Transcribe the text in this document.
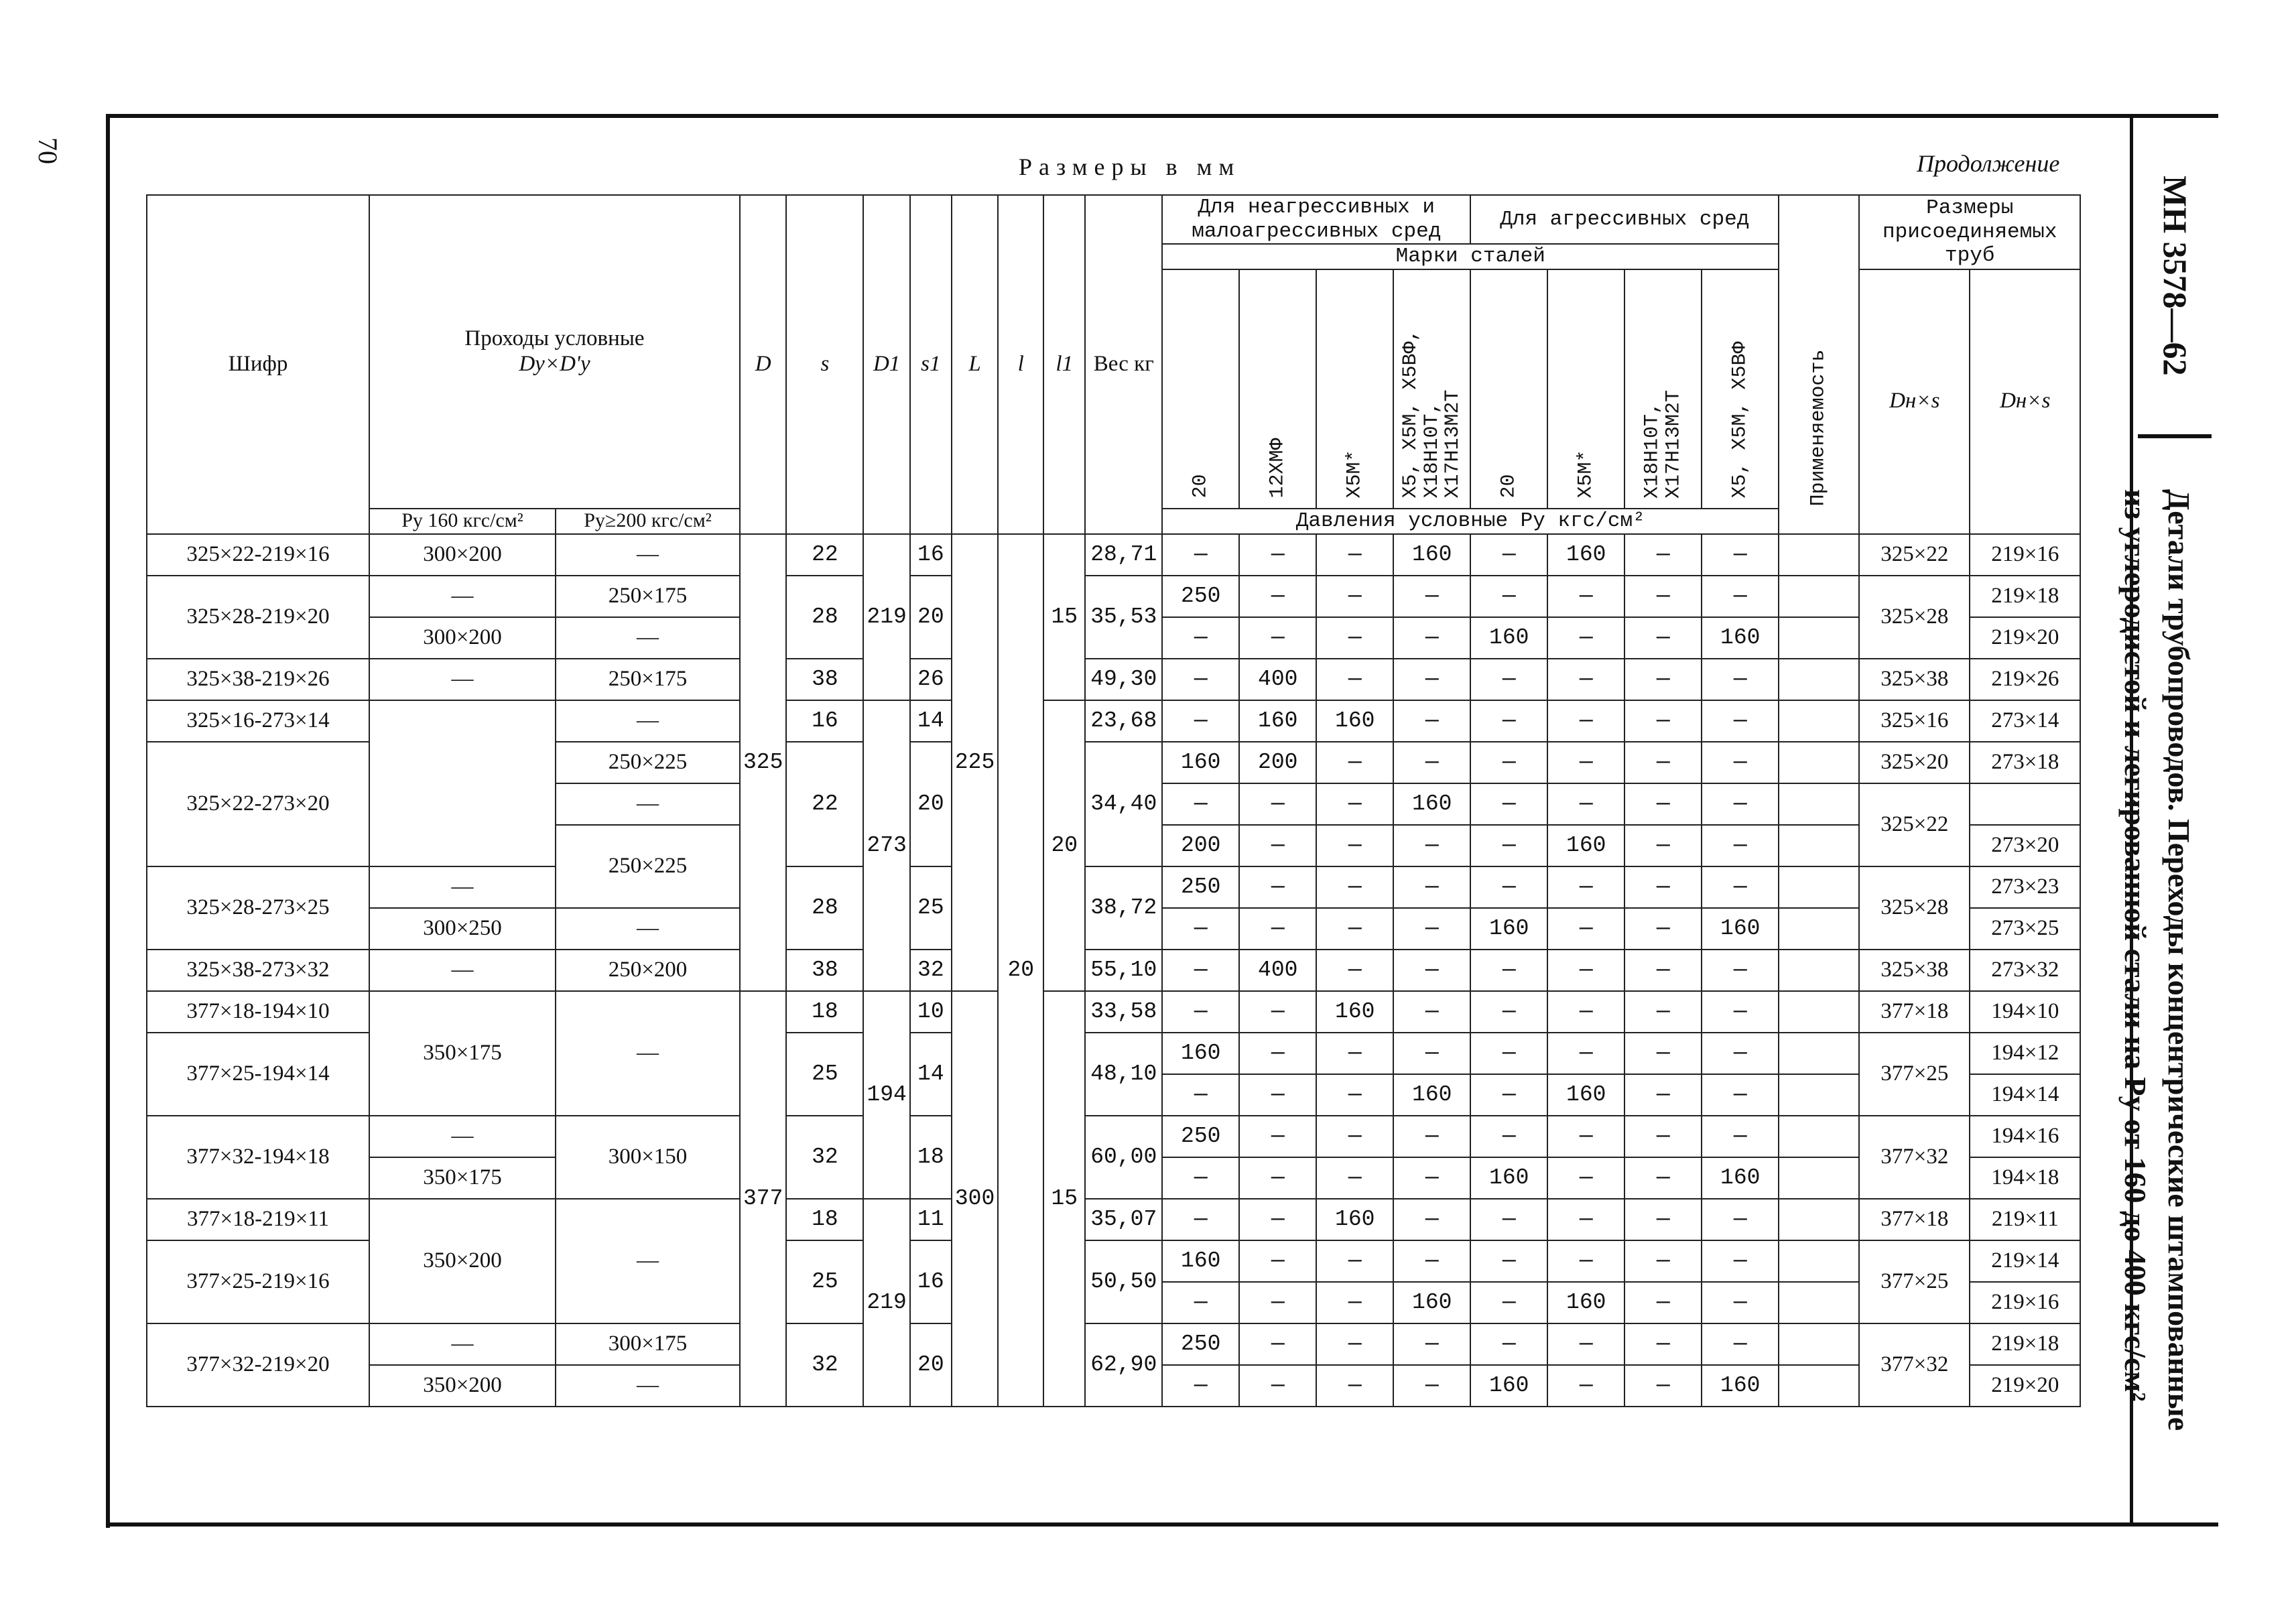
70
Размеры в мм	Продолжение
МН 3578—62
Детали трубопроводов. Переходы концентрические штампованные
из углеродистой и легированной стали на Pу от 160 до 400 кгс/см²
Шифр	Проходы условные
Dу×D'у		D	s	D1	s1	L	l	l1	Вес кг	Для неагрессивных и малоагрессивных сред				Для агрессивных сред				Применяемость	Размеры присоединяемых труб	
											Марки сталей										

											20	12ХМФ	Х5М*	Х5, Х5М, Х5ВФ,
Х18Н10Т,
Х17Н13М2Т	20	Х5М*	Х18Н10Т,
Х17Н13М2Т	Х5, Х5М, Х5ВФ		Dн×s	Dн×s
	Pу 160 кгс/см²	Pу≥200 кгс/см²									Давления условные Pу кгс/см²										
325×22-219×16	300×200	—	325	22	219	16	225	20	15	28,71	—	—	—	160	—	160	—	—		325×22	219×16
325×28-219×20	—	250×175		28		20				35,53	250	—	—	—	—	—	—	—		325×28	219×18
	300×200	—									—	—	—	—	160	—	—	160			219×20
325×38-219×26	—	250×175		38		26				49,30	—	400	—	—	—	—	—	—		325×38	219×26
325×16-273×14		—		16	273	14			20	23,68	—	160	160	—	—	—	—	—		325×16	273×14
325×22-273×20		250×225		22		20				34,40	160	200	—	—	—	—	—	—		325×20	273×18
		—									—	—	—	160	—	—	—	—		325×22	
		250×225									200	—	—	—	—	160	—	—			273×20
325×28-273×25	—			28		25				38,72	250	—	—	—	—	—	—	—		325×28	273×23
	300×250	—									—	—	—	—	160	—	—	160			273×25
325×38-273×32	—	250×200		38		32				55,10	—	400	—	—	—	—	—	—		325×38	273×32
377×18-194×10	350×175	—	377	18	194	10	300		15	33,58	—	—	160	—	—	—	—	—		377×18	194×10
377×25-194×14				25		14				48,10	160	—	—	—	—	—	—	—		377×25	194×12
											—	—	—	160	—	160	—	—			194×14
377×32-194×18	—	300×150		32		18				60,00	250	—	—	—	—	—	—	—		377×32	194×16
	350×175										—	—	—	—	160	—	—	160			194×18
377×18-219×11	350×200	—		18	219	11				35,07	—	—	160	—	—	—	—	—		377×18	219×11
377×25-219×16				25		16				50,50	160	—	—	—	—	—	—	—		377×25	219×14
											—	—	—	160	—	160	—	—			219×16
377×32-219×20	—	300×175		32		20				62,90	250	—	—	—	—	—	—	—		377×32	219×18
	350×200	—									—	—	—	—	160	—	—	160			219×20
